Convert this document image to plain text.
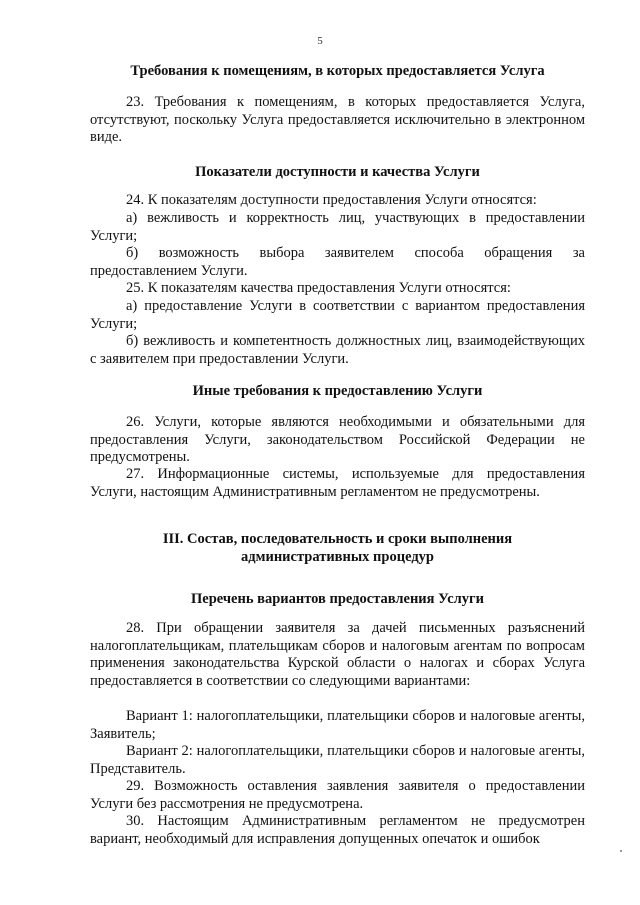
5
Требования к помещениям, в которых предоставляется Услуга
23. Требования к помещениям, в которых предоставляется Услуга, отсутствуют, поскольку Услуга предоставляется исключительно в электронном виде.
Показатели доступности и качества Услуги
24. К показателям доступности предоставления Услуги относятся:
а) вежливость и корректность лиц, участвующих в предоставлении Услуги;
б) возможность выбора заявителем способа обращения за предоставлением Услуги.
25. К показателям качества предоставления Услуги относятся:
а) предоставление Услуги в соответствии с вариантом предоставления Услуги;
б) вежливость и компетентность должностных лиц, взаимодействующих с заявителем при предоставлении Услуги.
Иные требования к предоставлению Услуги
26. Услуги, которые являются необходимыми и обязательными для предоставления Услуги, законодательством Российской Федерации не предусмотрены.
27. Информационные системы, используемые для предоставления Услуги, настоящим Административным регламентом не предусмотрены.
III. Состав, последовательность и сроки выполнения
административных процедур
Перечень вариантов предоставления Услуги
28. При обращении заявителя за дачей письменных разъяснений налогоплательщикам, плательщикам сборов и налоговым агентам по вопросам применения законодательства Курской области о налогах и сборах Услуга предоставляется в соответствии со следующими вариантами:
Вариант 1: налогоплательщики, плательщики сборов и налоговые агенты, Заявитель;
Вариант 2: налогоплательщики, плательщики сборов и налоговые агенты, Представитель.
29. Возможность оставления заявления заявителя о предоставлении Услуги без рассмотрения не предусмотрена.
30. Настоящим Административным регламентом не предусмотрен вариант, необходимый для исправления допущенных опечаток и ошибок
